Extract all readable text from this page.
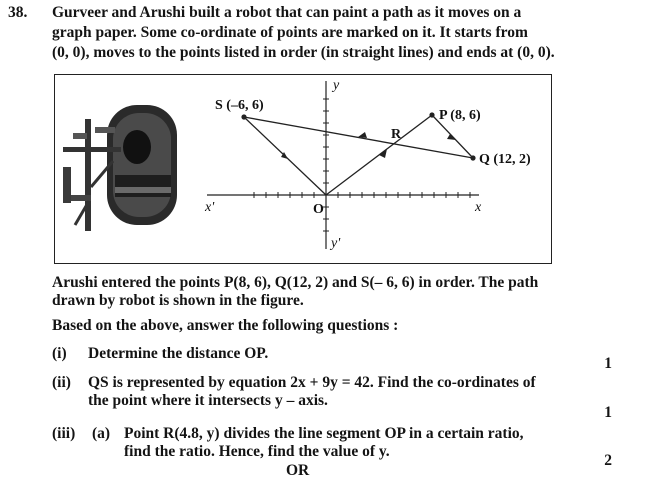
38. Gurveer and Arushi built a robot that can paint a path as it moves on a
graph paper. Some co-ordinate of points are marked on it. It starts from
(0, 0), moves to the points listed in order (in straight lines) and ends at (0, 0).
S (–6, 6)
P (8, 6)
Q (12, 2)
R
y
y'
x
x'	O
Arushi entered the points P(8, 6), Q(12, 2) and S(– 6, 6) in order. The path
drawn by robot is shown in the figure.
Based on the above, answer the following questions :
(i) Determine the distance OP.
(ii) QS is represented by equation 2x + 9y = 42. Find the co-ordinates of
the point where it intersects y – axis.
(iii) (a) Point R(4.8, y) divides the line segment OP in a certain ratio,
find the ratio. Hence, find the value of y.
OR
1
1
2
